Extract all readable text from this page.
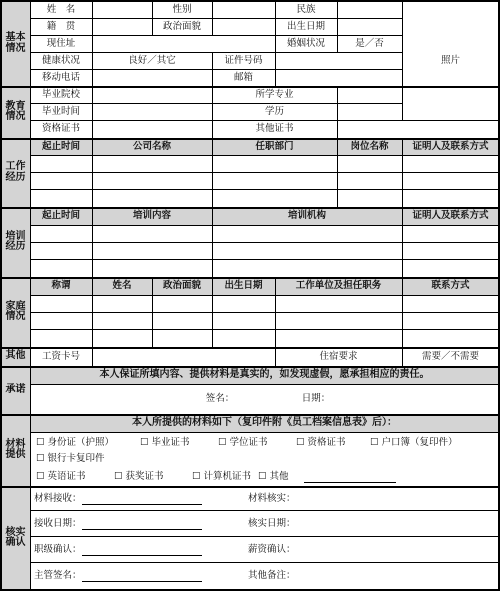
基本
情况
教育
情况
工作
经历
培训
经历
家庭
情况
其他
承诺
材料
提供
核实
确认
姓　名	性别	民族
籍　贯	政治面貌	出生日期
现住址	婚姻状况	是／否
照片
健康状况	良好／其它	证件号码
移动电话	邮箱
毕业院校	所学专业
毕业时间	学历
资格证书	其他证书
起止时间	公司名称	任职部门	岗位名称	证明人及联系方式
起止时间	培训内容	培训机构	证明人及联系方式
称谓	姓名	政治面貌	出生日期	工作单位及担任职务	联系方式
工资卡号	住宿要求	需要／不需要
本人保证所填内容、提供材料是真实的，如发现虚假，愿承担相应的责任。
签名：	日期：
本人所提供的材料如下（复印件附《员工档案信息表》后）：
☐ 身份证（护照）	☐ 毕业证书	☐ 学位证书	☐ 资格证书	☐ 户口簿（复印件）
☐ 银行卡复印件
☐ 英语证书	☐ 获奖证书	☐ 计算机证书 ☐ 其他
材料接收：	材料核实：
接收日期：	核实日期：
职级确认：	薪资确认：
主管签名：	其他备注：
